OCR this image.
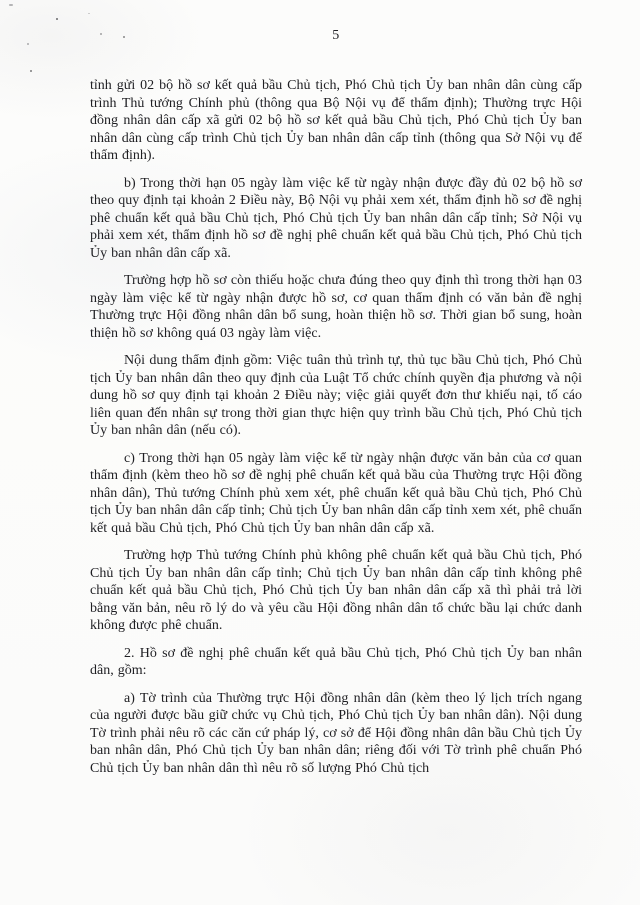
5

tỉnh gửi 02 bộ hồ sơ kết quả bầu Chủ tịch, Phó Chủ tịch Ủy ban nhân dân cùng cấp trình Thủ tướng Chính phủ (thông qua Bộ Nội vụ để thẩm định); Thường trực Hội đồng nhân dân cấp xã gửi 02 bộ hồ sơ kết quả bầu Chủ tịch, Phó Chủ tịch Ủy ban nhân dân cùng cấp trình Chủ tịch Ủy ban nhân dân cấp tỉnh (thông qua Sở Nội vụ để thẩm định).

b) Trong thời hạn 05 ngày làm việc kể từ ngày nhận được đầy đủ 02 bộ hồ sơ theo quy định tại khoản 2 Điều này, Bộ Nội vụ phải xem xét, thẩm định hồ sơ đề nghị phê chuẩn kết quả bầu Chủ tịch, Phó Chủ tịch Ủy ban nhân dân cấp tỉnh; Sở Nội vụ phải xem xét, thẩm định hồ sơ đề nghị phê chuẩn kết quả bầu Chủ tịch, Phó Chủ tịch Ủy ban nhân dân cấp xã.

Trường hợp hồ sơ còn thiếu hoặc chưa đúng theo quy định thì trong thời hạn 03 ngày làm việc kể từ ngày nhận được hồ sơ, cơ quan thẩm định có văn bản đề nghị Thường trực Hội đồng nhân dân bổ sung, hoàn thiện hồ sơ. Thời gian bổ sung, hoàn thiện hồ sơ không quá 03 ngày làm việc.

Nội dung thẩm định gồm: Việc tuân thủ trình tự, thủ tục bầu Chủ tịch, Phó Chủ tịch Ủy ban nhân dân theo quy định của Luật Tổ chức chính quyền địa phương và nội dung hồ sơ quy định tại khoản 2 Điều này; việc giải quyết đơn thư khiếu nại, tố cáo liên quan đến nhân sự trong thời gian thực hiện quy trình bầu Chủ tịch, Phó Chủ tịch Ủy ban nhân dân (nếu có).

c) Trong thời hạn 05 ngày làm việc kể từ ngày nhận được văn bản của cơ quan thẩm định (kèm theo hồ sơ đề nghị phê chuẩn kết quả bầu của Thường trực Hội đồng nhân dân), Thủ tướng Chính phủ xem xét, phê chuẩn kết quả bầu Chủ tịch, Phó Chủ tịch Ủy ban nhân dân cấp tỉnh; Chủ tịch Ủy ban nhân dân cấp tỉnh xem xét, phê chuẩn kết quả bầu Chủ tịch, Phó Chủ tịch Ủy ban nhân dân cấp xã.

Trường hợp Thủ tướng Chính phủ không phê chuẩn kết quả bầu Chủ tịch, Phó Chủ tịch Ủy ban nhân dân cấp tỉnh; Chủ tịch Ủy ban nhân dân cấp tỉnh không phê chuẩn kết quả bầu Chủ tịch, Phó Chủ tịch Ủy ban nhân dân cấp xã thì phải trả lời bằng văn bản, nêu rõ lý do và yêu cầu Hội đồng nhân dân tổ chức bầu lại chức danh không được phê chuẩn.

2. Hồ sơ đề nghị phê chuẩn kết quả bầu Chủ tịch, Phó Chủ tịch Ủy ban nhân dân, gồm:

a) Tờ trình của Thường trực Hội đồng nhân dân (kèm theo lý lịch trích ngang của người được bầu giữ chức vụ Chủ tịch, Phó Chủ tịch Ủy ban nhân dân). Nội dung Tờ trình phải nêu rõ các căn cứ pháp lý, cơ sở để Hội đồng nhân dân bầu Chủ tịch Ủy ban nhân dân, Phó Chủ tịch Ủy ban nhân dân; riêng đối với Tờ trình phê chuẩn Phó Chủ tịch Ủy ban nhân dân thì nêu rõ số lượng Phó Chủ tịch
